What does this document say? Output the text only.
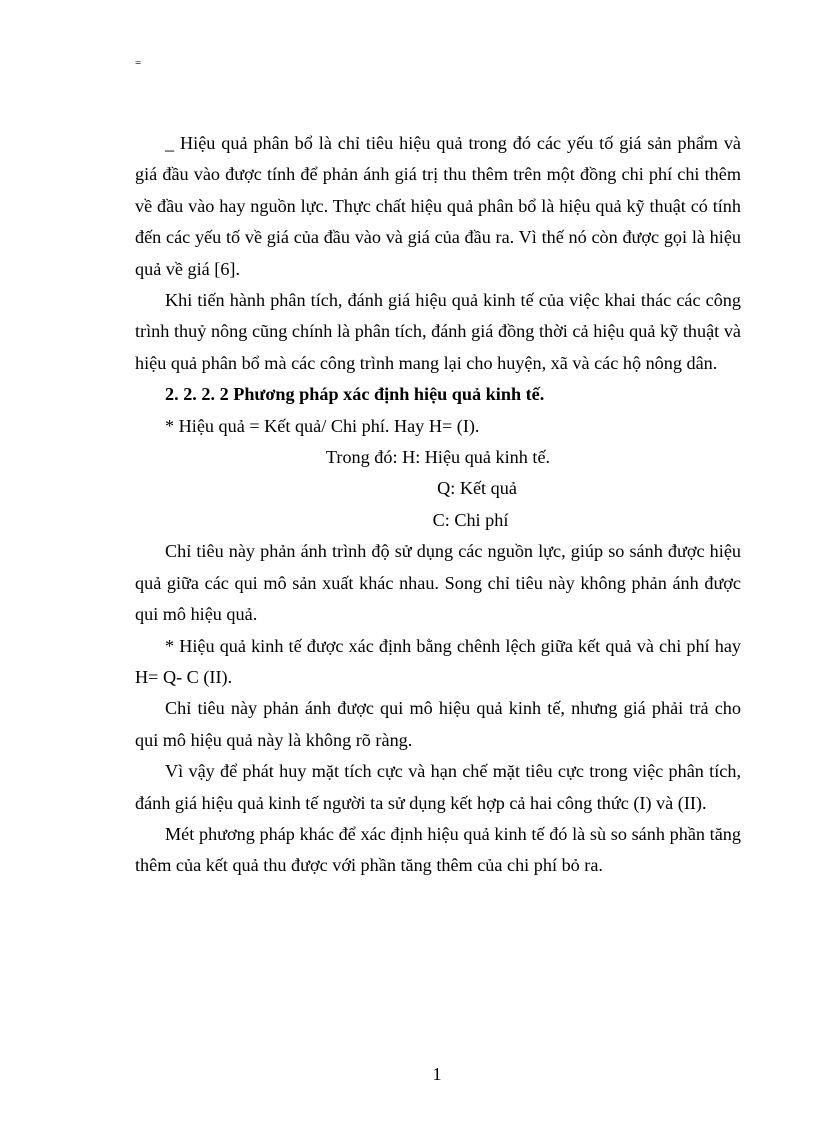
=

_ Hiệu quả phân bổ là chỉ tiêu hiệu quả trong đó các yếu tố giá sản phẩm và giá đầu vào được tính để phản ánh giá trị thu thêm trên một đồng chi phí chi thêm về đầu vào hay nguồn lực. Thực chất hiệu quả phân bổ là hiệu quả kỹ thuật có tính đến các yếu tố về giá của đầu vào và giá của đầu ra. Vì thế nó còn được gọi là hiệu quả về giá [6].

Khi tiến hành phân tích, đánh giá hiệu quả kinh tế của việc khai thác các công trình thuỷ nông cũng chính là phân tích, đánh giá đồng thời cả hiệu quả kỹ thuật và hiệu quả phân bổ mà các công trình mang lại cho huyện, xã và các hộ nông dân.

2. 2. 2. 2 Phương pháp xác định hiệu quả kinh tế.

* Hiệu quả = Kết quả/ Chi phí. Hay H= (I).

Trong đó: H: Hiệu quả kinh tế.

Q: Kết quả

C: Chi phí

Chỉ tiêu này phản ánh trình độ sử dụng các nguồn lực, giúp so sánh được hiệu quả giữa các qui mô sản xuất khác nhau. Song chỉ tiêu này không phản ánh được qui mô hiệu quả.

* Hiệu quả kinh tế được xác định bằng chênh lệch giữa kết quả và chi phí hay H= Q- C (II).

Chỉ tiêu này phản ánh được qui mô hiệu quả kinh tế, nhưng giá phải trả cho qui mô hiệu quả này là không rõ ràng.

Vì vậy để phát huy mặt tích cực và hạn chế mặt tiêu cực trong việc phân tích, đánh giá hiệu quả kinh tế người ta sử dụng kết hợp cả hai công thức (I) và (II).

Mét phương pháp khác để xác định hiệu quả kinh tế đó là sù so sánh phần tăng thêm của kết quả thu được với phần tăng thêm của chi phí bỏ ra.

1
